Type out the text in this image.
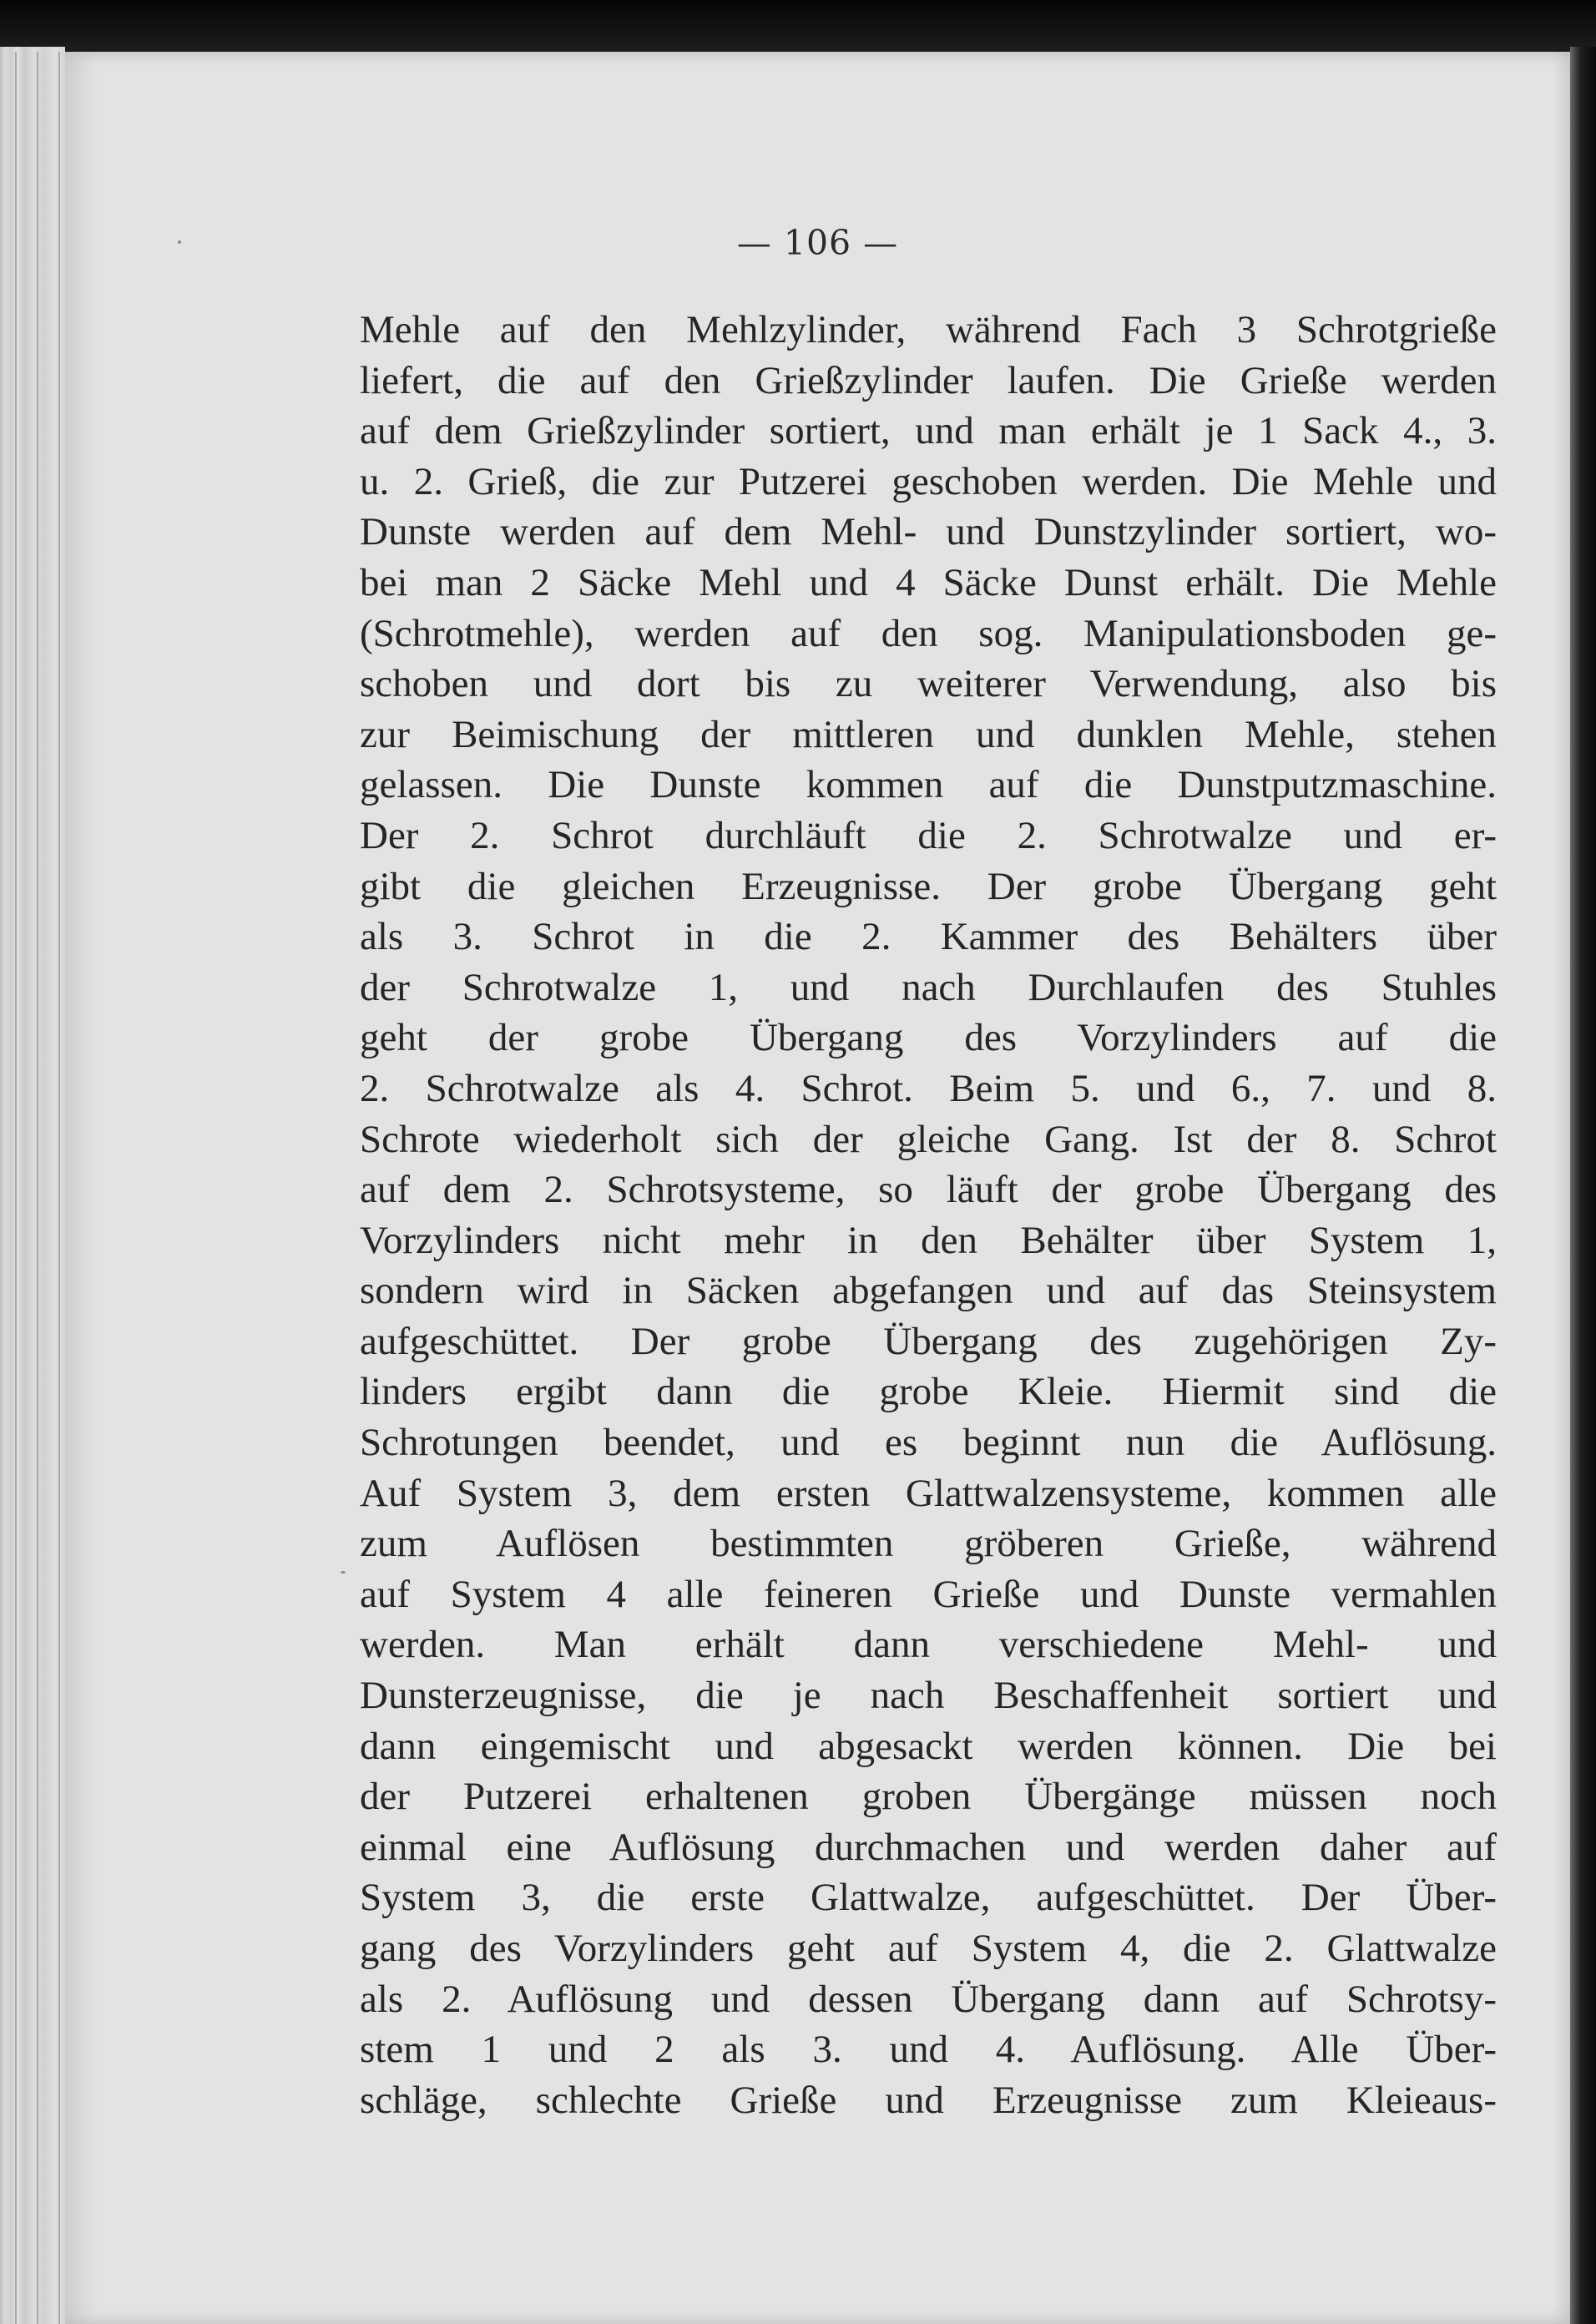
— 106 —
Mehle auf den Mehlzylinder, während Fach 3 Schrotgrieße
liefert, die auf den Grießzylinder laufen. Die Grieße werden
auf dem Grießzylinder sortiert, und man erhält je 1 Sack 4., 3.
u. 2. Grieß, die zur Putzerei geschoben werden. Die Mehle und
Dunste werden auf dem Mehl- und Dunstzylinder sortiert, wo-
bei man 2 Säcke Mehl und 4 Säcke Dunst erhält. Die Mehle
(Schrotmehle), werden auf den sog. Manipulationsboden ge-
schoben und dort bis zu weiterer Verwendung, also bis
zur Beimischung der mittleren und dunklen Mehle, stehen
gelassen. Die Dunste kommen auf die Dunstputzmaschine.
Der 2. Schrot durchläuft die 2. Schrotwalze und er-
gibt die gleichen Erzeugnisse. Der grobe Übergang geht
als 3. Schrot in die 2. Kammer des Behälters über
der Schrotwalze 1, und nach Durchlaufen des Stuhles
geht der grobe Übergang des Vorzylinders auf die
2. Schrotwalze als 4. Schrot. Beim 5. und 6., 7. und 8.
Schrote wiederholt sich der gleiche Gang. Ist der 8. Schrot
auf dem 2. Schrotsysteme, so läuft der grobe Übergang des
Vorzylinders nicht mehr in den Behälter über System 1,
sondern wird in Säcken abgefangen und auf das Steinsystem
aufgeschüttet. Der grobe Übergang des zugehörigen Zy-
linders ergibt dann die grobe Kleie. Hiermit sind die
Schrotungen beendet, und es beginnt nun die Auflösung.
Auf System 3, dem ersten Glattwalzensysteme, kommen alle
zum Auflösen bestimmten gröberen Grieße, während
auf System 4 alle feineren Grieße und Dunste vermahlen
werden. Man erhält dann verschiedene Mehl- und
Dunsterzeugnisse, die je nach Beschaffenheit sortiert und
dann eingemischt und abgesackt werden können. Die bei
der Putzerei erhaltenen groben Übergänge müssen noch
einmal eine Auflösung durchmachen und werden daher auf
System 3, die erste Glattwalze, aufgeschüttet. Der Über-
gang des Vorzylinders geht auf System 4, die 2. Glattwalze
als 2. Auflösung und dessen Übergang dann auf Schrotsy-
stem 1 und 2 als 3. und 4. Auflösung. Alle Über-
schläge, schlechte Grieße und Erzeugnisse zum Kleieaus-
